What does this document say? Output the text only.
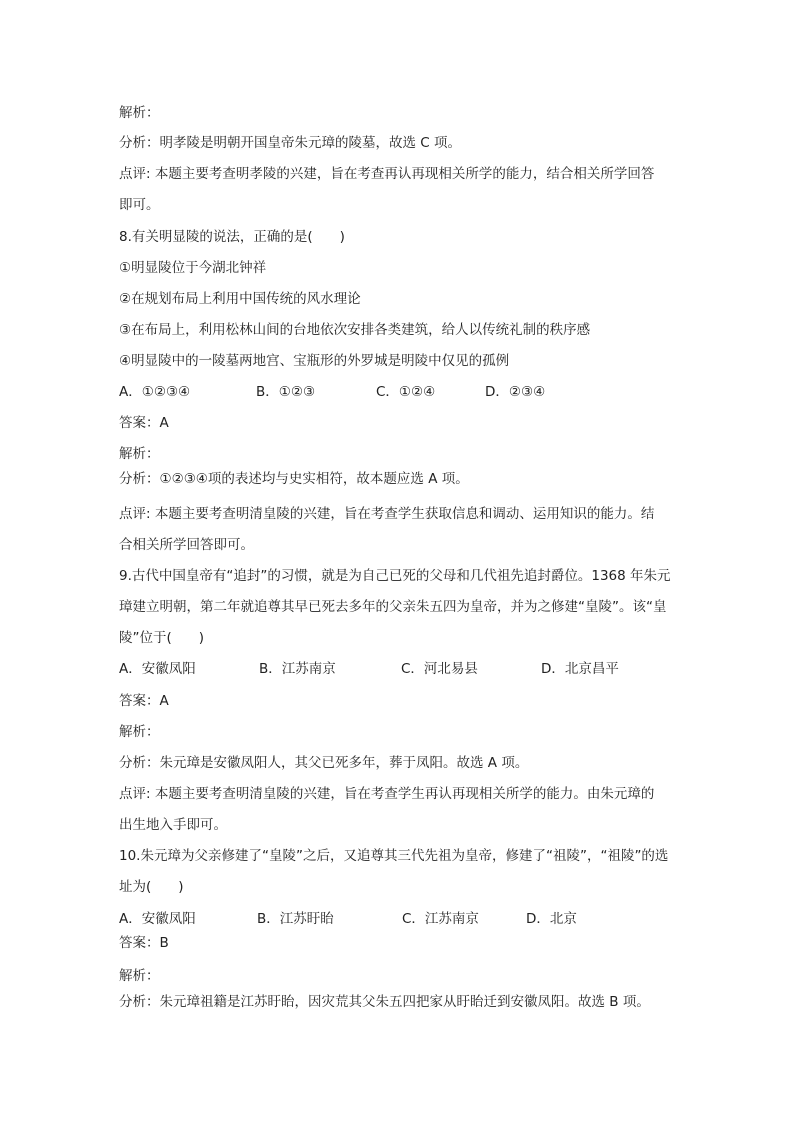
解析：
分析：明孝陵是明朝开国皇帝朱元璋的陵墓，故选 C 项。
点评: 本题主要考查明孝陵的兴建，旨在考查再认再现相关所学的能力，结合相关所学回答
即可。
8.有关明显陵的说法，正确的是(　　)
①明显陵位于今湖北钟祥
②在规划布局上利用中国传统的风水理论
③在布局上，利用松林山间的台地依次安排各类建筑，给人以传统礼制的秩序感
④明显陵中的一陵墓两地宫、宝瓶形的外罗城是明陵中仅见的孤例
A．①②③④	B．①②③	C．①②④	D．②③④
答案：A
解析：
分析：①②③④项的表述均与史实相符，故本题应选 A 项。
点评: 本题主要考查明清皇陵的兴建，旨在考查学生获取信息和调动、运用知识的能力。结
合相关所学回答即可。
9.古代中国皇帝有“追封”的习惯，就是为自己已死的父母和几代祖先追封爵位。1368 年朱元
璋建立明朝，第二年就追尊其早已死去多年的父亲朱五四为皇帝，并为之修建“皇陵”。该“皇
陵”位于(　　)
A．安徽凤阳	B．江苏南京	C．河北易县	D．北京昌平
答案：A
解析：
分析：朱元璋是安徽凤阳人，其父已死多年，葬于凤阳。故选 A 项。
点评: 本题主要考查明清皇陵的兴建，旨在考查学生再认再现相关所学的能力。由朱元璋的
出生地入手即可。
10.朱元璋为父亲修建了“皇陵”之后，又追尊其三代先祖为皇帝，修建了“祖陵”，“祖陵”的选
址为(　　)
A．安徽凤阳	B．江苏盱眙	C．江苏南京	D．北京
答案：B
解析：
分析：朱元璋祖籍是江苏盱眙，因灾荒其父朱五四把家从盱眙迁到安徽凤阳。故选 B 项。
